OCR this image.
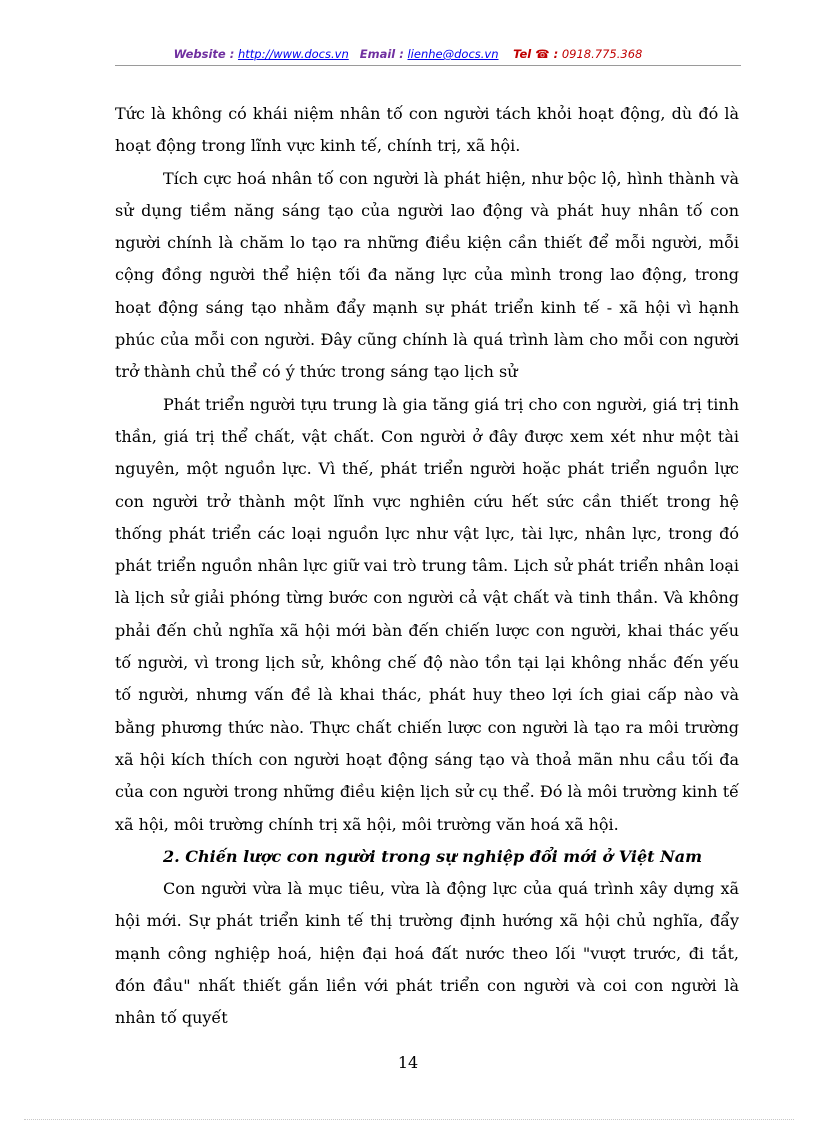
Website : http://www.docs.vn Email : lienhe@docs.vn Tel ☎ : 0918.775.368

Tức là không có khái niệm nhân tố con người tách khỏi hoạt động, dù đó là hoạt động trong lĩnh vực kinh tế, chính trị, xã hội.

Tích cực hoá nhân tố con người là phát hiện, như bộc lộ, hình thành và sử dụng tiềm năng sáng tạo của người lao động và phát huy nhân tố con người chính là chăm lo tạo ra những điều kiện cần thiết để mỗi người, mỗi cộng đồng người thể hiện tối đa năng lực của mình trong lao động, trong hoạt động sáng tạo nhằm đẩy mạnh sự phát triển kinh tế - xã hội vì hạnh phúc của mỗi con người. Đây cũng chính là quá trình làm cho mỗi con người trở thành chủ thể có ý thức trong sáng tạo lịch sử

Phát triển người tựu trung là gia tăng giá trị cho con người, giá trị tinh thần, giá trị thể chất, vật chất. Con người ở đây được xem xét như một tài nguyên, một nguồn lực. Vì thế, phát triển người hoặc phát triển nguồn lực con người trở thành một lĩnh vực nghiên cứu hết sức cần thiết trong hệ thống phát triển các loại nguồn lực như vật lực, tài lực, nhân lực, trong đó phát triển nguồn nhân lực giữ vai trò trung tâm. Lịch sử phát triển nhân loại là lịch sử giải phóng từng bước con người cả vật chất và tinh thần. Và không phải đến chủ nghĩa xã hội mới bàn đến chiến lược con người, khai thác yếu tố người, vì trong lịch sử, không chế độ nào tồn tại lại không nhắc đến yếu tố người, nhưng vấn đề là khai thác, phát huy theo lợi ích giai cấp nào và bằng phương thức nào. Thực chất chiến lược con người là tạo ra môi trường xã hội kích thích con người hoạt động sáng tạo và thoả mãn nhu cầu tối đa của con người trong những điều kiện lịch sử cụ thể. Đó là môi trường kinh tế xã hội, môi trường chính trị xã hội, môi trường văn hoá xã hội.

2. Chiến lược con người trong sự nghiệp đổi mới ở Việt Nam

Con người vừa là mục tiêu, vừa là động lực của quá trình xây dựng xã hội mới. Sự phát triển kinh tế thị trường định hướng xã hội chủ nghĩa, đẩy mạnh công nghiệp hoá, hiện đại hoá đất nước theo lối "vượt trước, đi tắt, đón đầu" nhất thiết gắn liền với phát triển con người và coi con người là nhân tố quyết

14
